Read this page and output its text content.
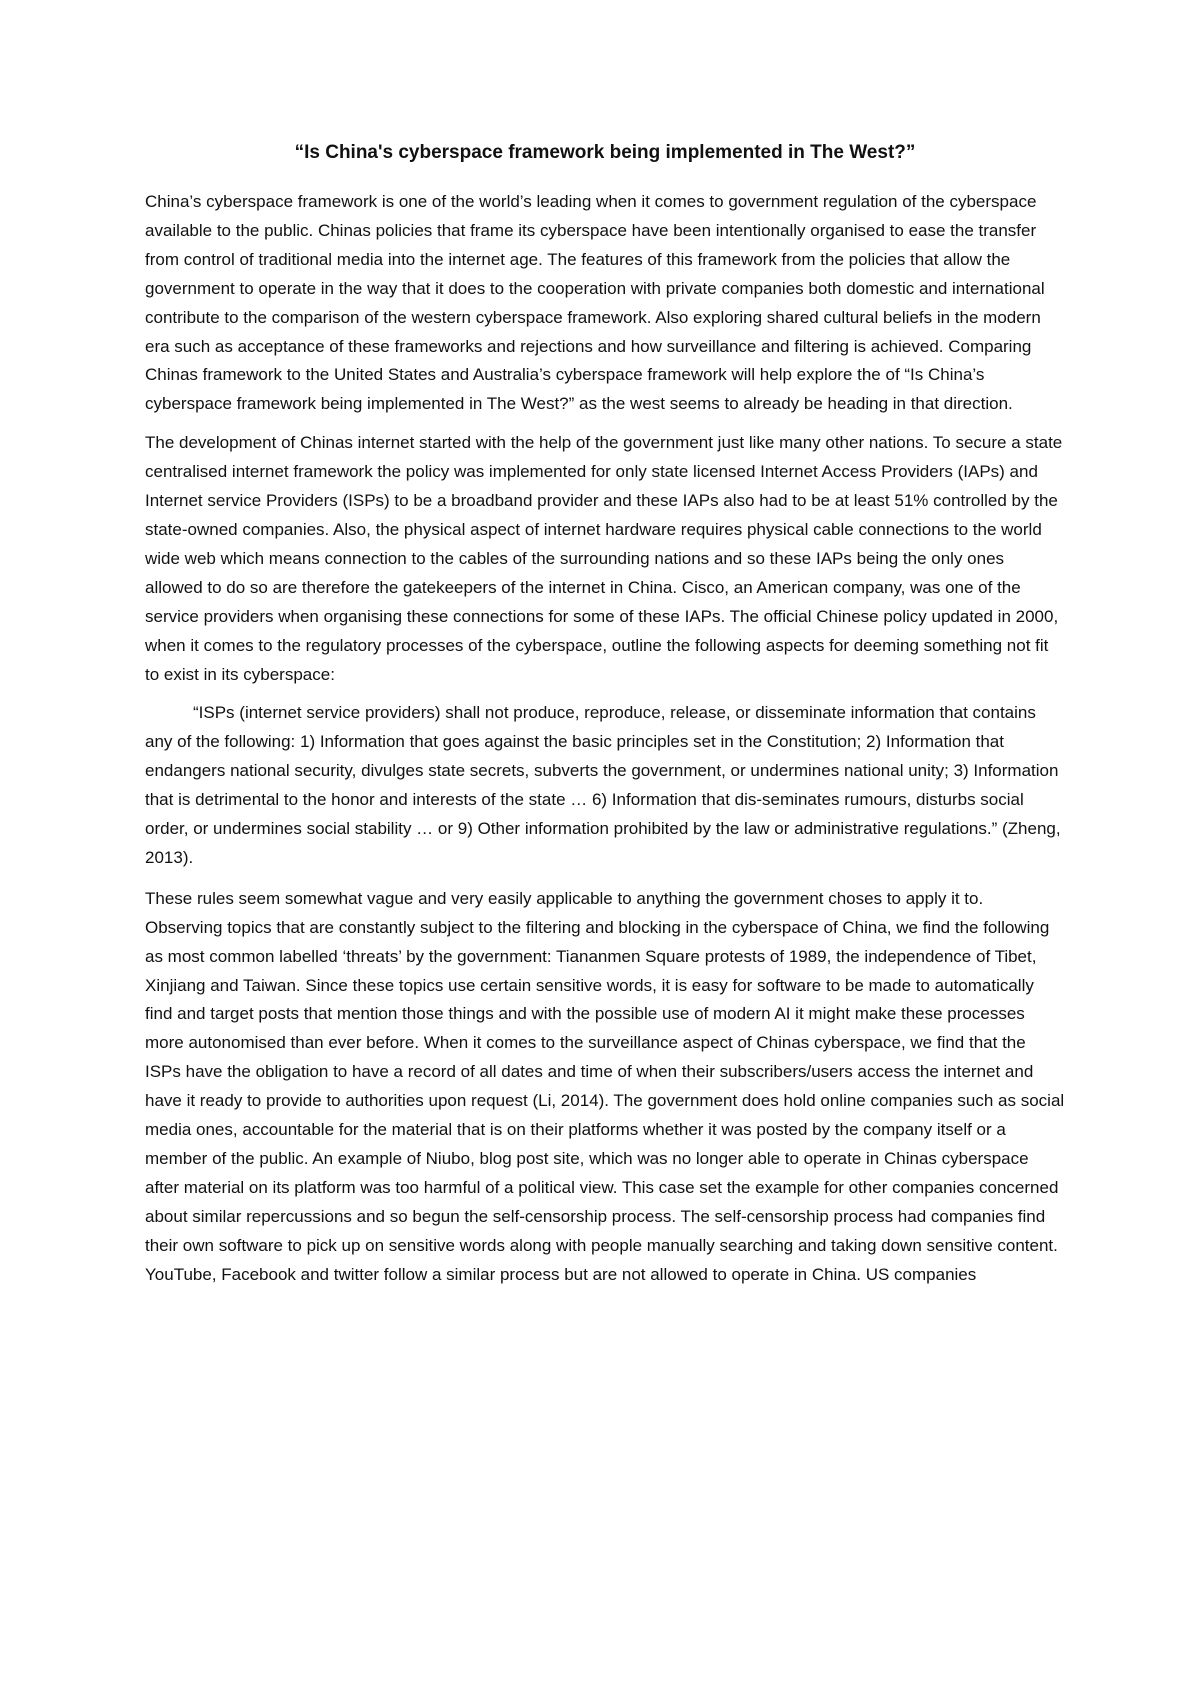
“Is China's cyberspace framework being implemented in The West?”

China’s cyberspace framework is one of the world’s leading when it comes to government regulation of the cyberspace available to the public. Chinas policies that frame its cyberspace have been intentionally organised to ease the transfer from control of traditional media into the internet age. The features of this framework from the policies that allow the government to operate in the way that it does to the cooperation with private companies both domestic and international contribute to the comparison of the western cyberspace framework. Also exploring shared cultural beliefs in the modern era such as acceptance of these frameworks and rejections and how surveillance and filtering is achieved. Comparing Chinas framework to the United States and Australia’s cyberspace framework will help explore the of “Is China’s cyberspace framework being implemented in The West?” as the west seems to already be heading in that direction.

The development of Chinas internet started with the help of the government just like many other nations. To secure a state centralised internet framework the policy was implemented for only state licensed Internet Access Providers (IAPs) and Internet service Providers (ISPs) to be a broadband provider and these IAPs also had to be at least 51% controlled by the state-owned companies. Also, the physical aspect of internet hardware requires physical cable connections to the world wide web which means connection to the cables of the surrounding nations and so these IAPs being the only ones allowed to do so are therefore the gatekeepers of the internet in China. Cisco, an American company, was one of the service providers when organising these connections for some of these IAPs. The official Chinese policy updated in 2000, when it comes to the regulatory processes of the cyberspace, outline the following aspects for deeming something not fit to exist in its cyberspace:

“ISPs (internet service providers) shall not produce, reproduce, release, or disseminate information that contains any of the following: 1) Information that goes against the basic principles set in the Constitution; 2) Information that endangers national security, divulges state secrets, subverts the government, or undermines national unity; 3) Information that is detrimental to the honor and interests of the state … 6) Information that dis-seminates rumours, disturbs social order, or undermines social stability … or 9) Other information prohibited by the law or administrative regulations.” (Zheng, 2013).

These rules seem somewhat vague and very easily applicable to anything the government choses to apply it to. Observing topics that are constantly subject to the filtering and blocking in the cyberspace of China, we find the following as most common labelled ‘threats’ by the government: Tiananmen Square protests of 1989, the independence of Tibet, Xinjiang and Taiwan. Since these topics use certain sensitive words, it is easy for software to be made to automatically find and target posts that mention those things and with the possible use of modern AI it might make these processes more autonomised than ever before. When it comes to the surveillance aspect of Chinas cyberspace, we find that the ISPs have the obligation to have a record of all dates and time of when their subscribers/users access the internet and have it ready to provide to authorities upon request (Li, 2014). The government does hold online companies such as social media ones, accountable for the material that is on their platforms whether it was posted by the company itself or a member of the public. An example of Niubo, blog post site, which was no longer able to operate in Chinas cyberspace after material on its platform was too harmful of a political view. This case set the example for other companies concerned about similar repercussions and so begun the self-censorship process. The self-censorship process had companies find their own software to pick up on sensitive words along with people manually searching and taking down sensitive content. YouTube, Facebook and twitter follow a similar process but are not allowed to operate in China. US companies
